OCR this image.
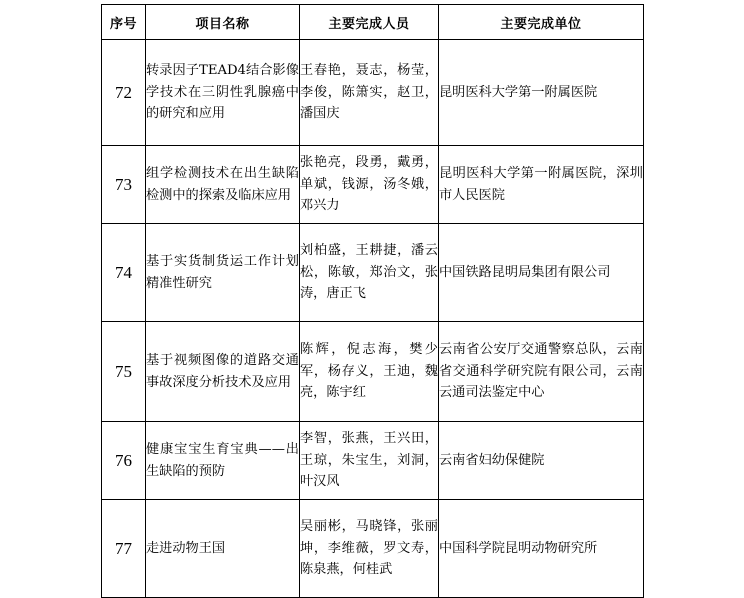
序号	项目名称	主要完成人员	主要完成单位
72	转录因子TEAD4结合影像学技术在三阴性乳腺癌中的研究和应用	王春艳，聂志，杨莹，李俊，陈箫实，赵卫，潘国庆	昆明医科大学第一附属医院
73	组学检测技术在出生缺陷检测中的探索及临床应用	张艳亮，段勇，戴勇，单斌，钱源，汤冬娥，邓兴力	昆明医科大学第一附属医院，深圳市人民医院
74	基于实货制货运工作计划精准性研究	刘柏盛，王耕捷，潘云松，陈敏，郑治文，张涛，唐正飞	中国铁路昆明局集团有限公司
75	基于视频图像的道路交通事故深度分析技术及应用	陈辉，倪志海，樊少军，杨存义，王迪，魏亮，陈宇红	云南省公安厅交通警察总队，云南省交通科学研究院有限公司，云南云通司法鉴定中心
76	健康宝宝生育宝典——出生缺陷的预防	李智，张燕，王兴田，王琼，朱宝生，刘洞，叶汉风	云南省妇幼保健院
77	走进动物王国	吴丽彬，马晓锋，张丽坤，李维薇，罗文寿，陈泉燕，何桂武	中国科学院昆明动物研究所
